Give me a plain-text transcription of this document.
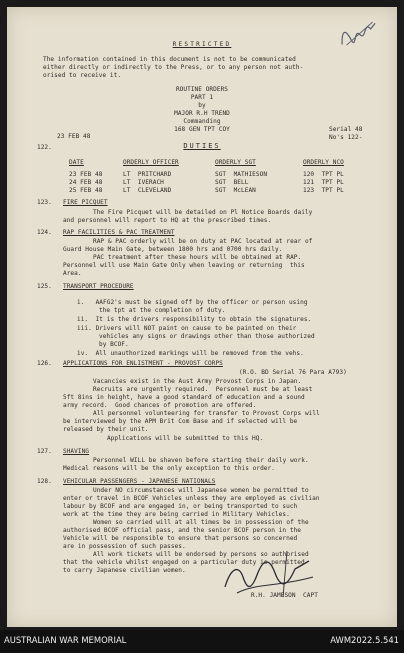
RESTRICTED
The information contained in this document is not to be communicated
either directly or indirectly to the Press, or to any person not auth-
orised to receive it.
ROUTINE ORDERS
PART 1
by
MAJOR R.H TREND
Commanding
168 GEN TPT COY
23 FEB 48
Serial 48
No's 122-
122.	DUTIES
DATE	ORDERLY OFFICER	ORDERLY SGT	ORDERLY NCO
23 FEB 48	LT  PRITCHARD	SGT  MATHIESON	120  TPT PL
24 FEB 48	LT  IVERACH	SGT  BELL	121  TPT PL
25 FEB 48	LT  CLEVELAND	SGT  McLEAN	123  TPT PL
123. FIRE PICQUET
The Fire Picquet will be detailed on Pl Notice Boards daily
and personnel will report to HQ at the prescribed times.
124. RAP FACILITIES & PAC TREATMENT
RAP & PAC orderly will be on duty at PAC located at rear of
Guard House Main Gate, between 1800 hrs and 0700 hrs daily.
PAC treatment after these hours will be obtained at RAP.
Personnel will use Main Gate Only when leaving or returning  this
Area.
125. TRANSPORT PROCEDURE
i.   AAFG2's must be signed off by the officer or person using
the tpt at the completion of duty.
ii.  It is the drivers responsibility to obtain the signatures.
iii. Drivers will NOT paint on cause to be painted on their
vehicles any signs or drawings other than those authorized
by BCOF.
iv.  All unauthorized markings will be removed from the vehs.
126. APPLICATIONS FOR ENLISTMENT - PROVOST CORPS
(R.O. BD Serial 76 Para A793)
Vacancies exist in the Aust Army Provost Corps in Japan.
Recruits are urgently required.  Personnel must be at least
5ft 8ins in height, have a good standard of education and a sound
army record.  Good chances of promotion are offered.
All personnel volunteering for transfer to Provost Corps will
be interviewed by the APM Brit Com Base and if selected will be
released by their unit.
Applications will be submitted to this HQ.
127. SHAVING
Personnel WILL be shaven before starting their daily work.
Medical reasons will be the only exception to this order.
128. VEHICULAR PASSENGERS - JAPANESE NATIONALS
Under NO circumstances will Japanese women be permitted to
enter or travel in BCOF Vehicles unless they are employed as civilian
labour by BCOF and are engaged in, or being transported to such
work at the time they are being carried in Military Vehicles.
Women so carried will at all times be in possession of the
authorised BCOF official pass, and the senior BCOF person in the
Vehicle will be responsible to ensure that persons so concerned
are in possession of such passes.
All work tickets will be endorsed by persons so authorised
that the vehicle whilst engaged on a particular duty is permitted
to carry Japanese civilian women.
R.H. JAMESON  CAPT
AUSTRALIAN WAR MEMORIAL	AWM2022.5.541
